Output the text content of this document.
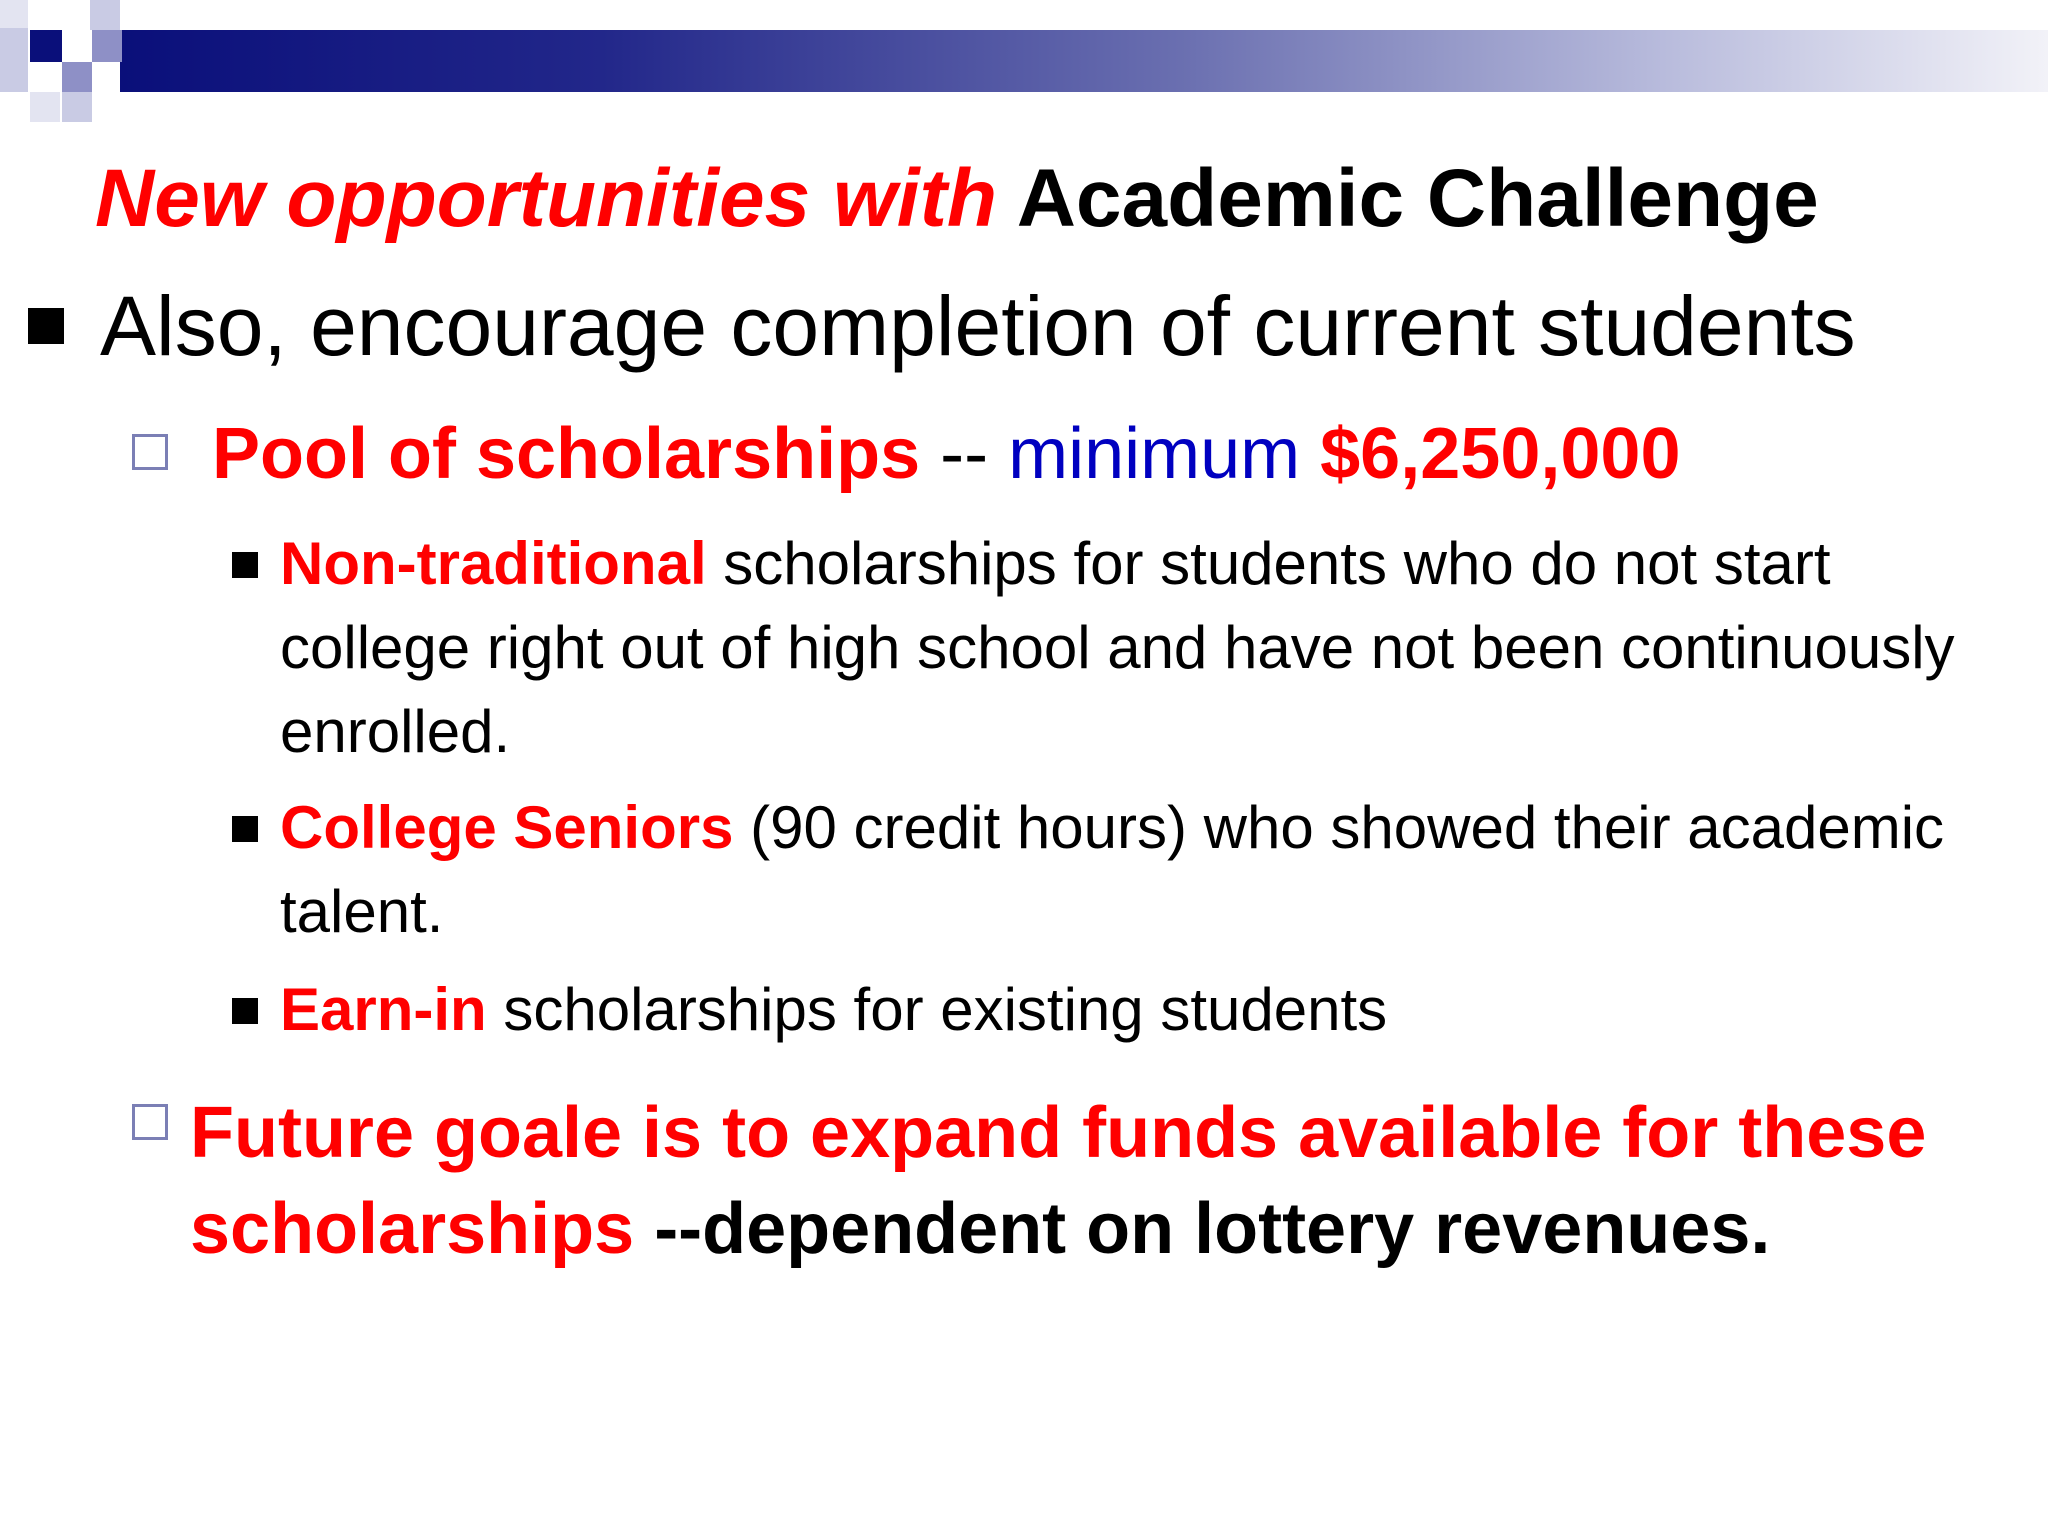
New opportunities with Academic Challenge
Also, encourage completion of current students
Pool of scholarships -- minimum $6,250,000
Non-traditional scholarships for students who do not start college right out of high school and have not been continuously enrolled.
College Seniors (90 credit hours) who showed their academic talent.
Earn-in scholarships for existing students
Future goale is to expand funds available for these scholarships --dependent on lottery revenues.
